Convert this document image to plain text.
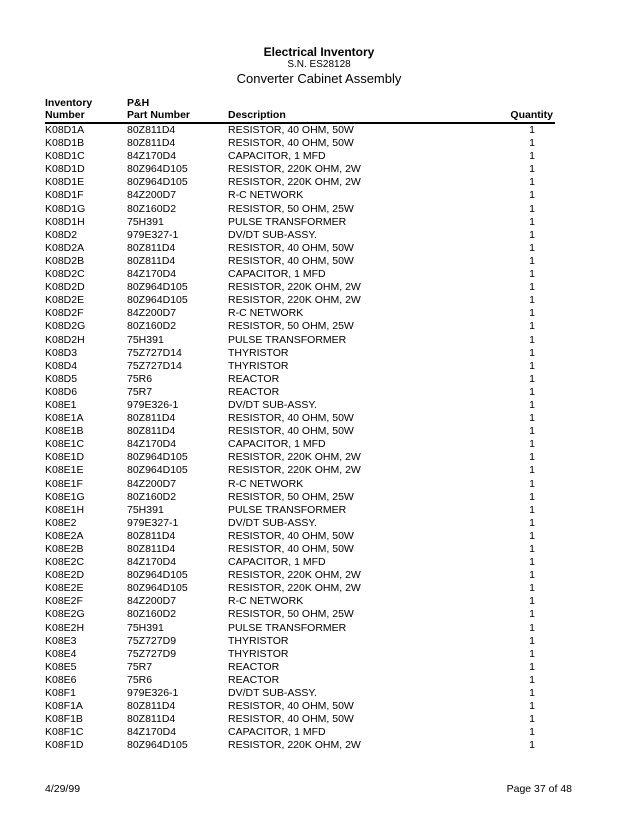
Electrical Inventory
S.N. ES28128
Converter Cabinet Assembly
Inventory	P&H		
Number	Part Number	Description	Quantity
K08D1A	80Z811D4	RESISTOR, 40 OHM, 50W	1
K08D1B	80Z811D4	RESISTOR, 40 OHM, 50W	1
K08D1C	84Z170D4	CAPACITOR, 1 MFD	1
K08D1D	80Z964D105	RESISTOR, 220K OHM, 2W	1
K08D1E	80Z964D105	RESISTOR, 220K OHM, 2W	1
K08D1F	84Z200D7	R-C NETWORK	1
K08D1G	80Z160D2	RESISTOR, 50 OHM, 25W	1
K08D1H	75H391	PULSE TRANSFORMER	1
K08D2	979E327-1	DV/DT SUB-ASSY.	1
K08D2A	80Z811D4	RESISTOR, 40 OHM, 50W	1
K08D2B	80Z811D4	RESISTOR, 40 OHM, 50W	1
K08D2C	84Z170D4	CAPACITOR, 1 MFD	1
K08D2D	80Z964D105	RESISTOR, 220K OHM, 2W	1
K08D2E	80Z964D105	RESISTOR, 220K OHM, 2W	1
K08D2F	84Z200D7	R-C NETWORK	1
K08D2G	80Z160D2	RESISTOR, 50 OHM, 25W	1
K08D2H	75H391	PULSE TRANSFORMER	1
K08D3	75Z727D14	THYRISTOR	1
K08D4	75Z727D14	THYRISTOR	1
K08D5	75R6	REACTOR	1
K08D6	75R7	REACTOR	1
K08E1	979E326-1	DV/DT SUB-ASSY.	1
K08E1A	80Z811D4	RESISTOR, 40 OHM, 50W	1
K08E1B	80Z811D4	RESISTOR, 40 OHM, 50W	1
K08E1C	84Z170D4	CAPACITOR, 1 MFD	1
K08E1D	80Z964D105	RESISTOR, 220K OHM, 2W	1
K08E1E	80Z964D105	RESISTOR, 220K OHM, 2W	1
K08E1F	84Z200D7	R-C NETWORK	1
K08E1G	80Z160D2	RESISTOR, 50 OHM, 25W	1
K08E1H	75H391	PULSE TRANSFORMER	1
K08E2	979E327-1	DV/DT SUB-ASSY.	1
K08E2A	80Z811D4	RESISTOR, 40 OHM, 50W	1
K08E2B	80Z811D4	RESISTOR, 40 OHM, 50W	1
K08E2C	84Z170D4	CAPACITOR, 1 MFD	1
K08E2D	80Z964D105	RESISTOR, 220K OHM, 2W	1
K08E2E	80Z964D105	RESISTOR, 220K OHM, 2W	1
K08E2F	84Z200D7	R-C NETWORK	1
K08E2G	80Z160D2	RESISTOR, 50 OHM, 25W	1
K08E2H	75H391	PULSE TRANSFORMER	1
K08E3	75Z727D9	THYRISTOR	1
K08E4	75Z727D9	THYRISTOR	1
K08E5	75R7	REACTOR	1
K08E6	75R6	REACTOR	1
K08F1	979E326-1	DV/DT SUB-ASSY.	1
K08F1A	80Z811D4	RESISTOR, 40 OHM, 50W	1
K08F1B	80Z811D4	RESISTOR, 40 OHM, 50W	1
K08F1C	84Z170D4	CAPACITOR, 1 MFD	1
K08F1D	80Z964D105	RESISTOR, 220K OHM, 2W	1
4/29/99	Page 37 of 48
